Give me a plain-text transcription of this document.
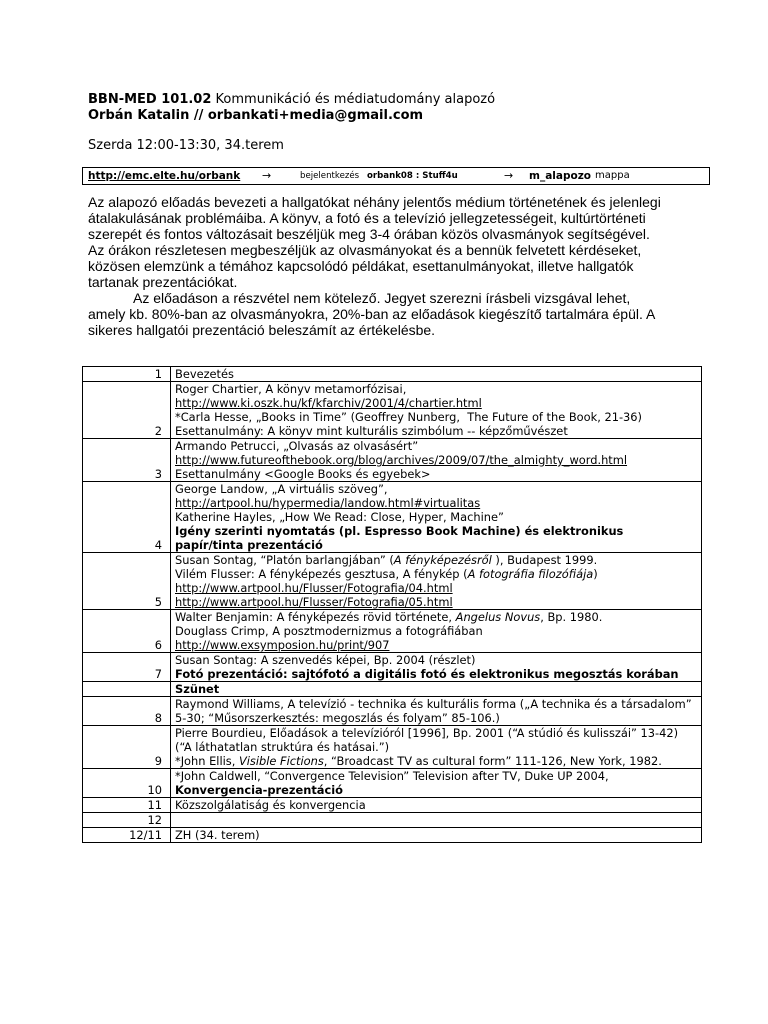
BBN-MED 101.02 Kommunikáció és médiatudomány alapozó
Orbán Katalin // orbankati+media@gmail.com
Szerda 12:00-13:30, 34.terem
http://emc.elte.hu/orbank →	bejelentkezés orbank08 : Stuff4u	→ m_alapozo mappa
Az alapozó előadás bevezeti a hallgatókat néhány jelentős médium történetének és jelenlegi
átalakulásának problémáiba. A könyv, a fotó és a televízió jellegzetességeit, kultúrtörténeti
szerepét és fontos változásait beszéljük meg 3-4 órában közös olvasmányok segítségével.
Az órákon részletesen megbeszéljük az olvasmányokat és a bennük felvetett kérdéseket,
közösen elemzünk a témához kapcsolódó példákat, esettanulmányokat, illetve hallgatók
tartanak prezentációkat.
Az előadáson a részvétel nem kötelező. Jegyet szerezni írásbeli vizsgával lehet,
amely kb. 80%-ban az olvasmányokra, 20%-ban az előadások kiegészítő tartalmára épül. A
sikeres hallgatói prezentáció beleszámít az értékelésbe.
1	Bevezetés

2	Roger Chartier, A könyv metamorfózisai,
http://www.ki.oszk.hu/kf/kfarchiv/2001/4/chartier.html
*Carla Hesse, „Books in Time” (Geoffrey Nunberg,  The Future of the Book, 21-36)
Esettanulmány: A könyv mint kulturális szimbólum -- képzőművészet

3	Armando Petrucci, „Olvasás az olvasásért”
http://www.futureofthebook.org/blog/archives/2009/07/the_almighty_word.html
Esettanulmány <Google Books és egyebek>

4	George Landow, „A virtuális szöveg”,
http://artpool.hu/hypermedia/landow.html#virtualitas
Katherine Hayles, „How We Read: Close, Hyper, Machine”
Igény szerinti nyomtatás (pl. Espresso Book Machine) és elektronikus
papír/tinta prezentáció

5	Susan Sontag, “Platón barlangjában” (A fényképezésről ), Budapest 1999.
Vilém Flusser: A fényképezés gesztusa, A fénykép (A fotográfia filozófiája)
http://www.artpool.hu/Flusser/Fotografia/04.html
http://www.artpool.hu/Flusser/Fotografia/05.html

6	Walter Benjamin: A fényképezés rövid története, Angelus Novus, Bp. 1980.
Douglass Crimp, A posztmodernizmus a fotográfiában
http://www.exsymposion.hu/print/907

7	Susan Sontag: A szenvedés képei, Bp. 2004 (részlet)
Fotó prezentáció: sajtófotó a digitális fotó és elektronikus megosztás korában

	Szünet

8	Raymond Williams, A televízió - technika és kulturális forma („A technika és a társadalom”
5-30; “Műsorszerkesztés: megoszlás és folyam” 85-106.)

9	Pierre Bourdieu, Előadások a televízióról [1996], Bp. 2001 (“A stúdió és kulisszái” 13-42)
(“A láthatatlan struktúra és hatásai.”)
*John Ellis, Visible Fictions, “Broadcast TV as cultural form” 111-126, New York, 1982.

10	*John Caldwell, “Convergence Television” Television after TV, Duke UP 2004,
Konvergencia-prezentáció

11	Közszolgálatiság és konvergencia

12	

12/11	ZH (34. terem)
